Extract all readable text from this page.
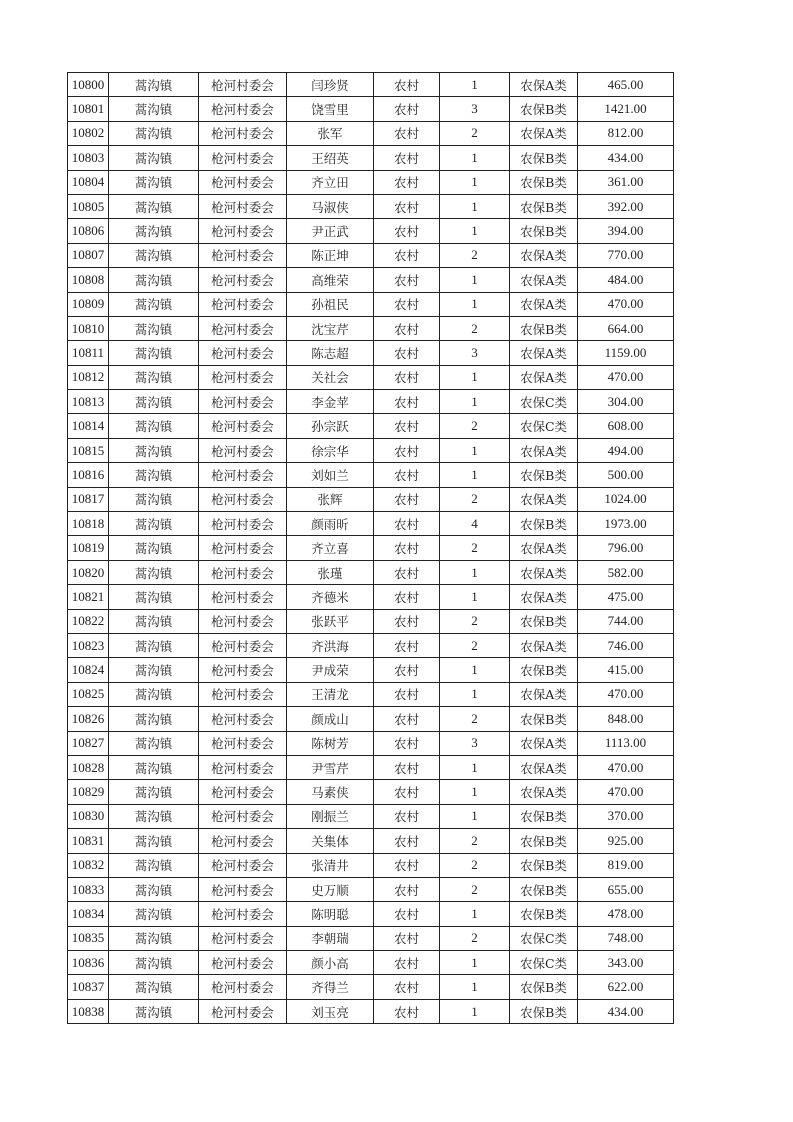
10800	蒿沟镇	枪河村委会	闫珍贤	农村	1	农保A类	465.00
10801	蒿沟镇	枪河村委会	饶雪里	农村	3	农保B类	1421.00
10802	蒿沟镇	枪河村委会	张军	农村	2	农保A类	812.00
10803	蒿沟镇	枪河村委会	王绍英	农村	1	农保B类	434.00
10804	蒿沟镇	枪河村委会	齐立田	农村	1	农保B类	361.00
10805	蒿沟镇	枪河村委会	马淑侠	农村	1	农保B类	392.00
10806	蒿沟镇	枪河村委会	尹正武	农村	1	农保B类	394.00
10807	蒿沟镇	枪河村委会	陈正坤	农村	2	农保A类	770.00
10808	蒿沟镇	枪河村委会	高维荣	农村	1	农保A类	484.00
10809	蒿沟镇	枪河村委会	孙祖民	农村	1	农保A类	470.00
10810	蒿沟镇	枪河村委会	沈宝芹	农村	2	农保B类	664.00
10811	蒿沟镇	枪河村委会	陈志超	农村	3	农保A类	1159.00
10812	蒿沟镇	枪河村委会	关社会	农村	1	农保A类	470.00
10813	蒿沟镇	枪河村委会	李金苹	农村	1	农保C类	304.00
10814	蒿沟镇	枪河村委会	孙宗跃	农村	2	农保C类	608.00
10815	蒿沟镇	枪河村委会	徐宗华	农村	1	农保A类	494.00
10816	蒿沟镇	枪河村委会	刘如兰	农村	1	农保B类	500.00
10817	蒿沟镇	枪河村委会	张辉	农村	2	农保A类	1024.00
10818	蒿沟镇	枪河村委会	颜雨昕	农村	4	农保B类	1973.00
10819	蒿沟镇	枪河村委会	齐立喜	农村	2	农保A类	796.00
10820	蒿沟镇	枪河村委会	张瑾	农村	1	农保A类	582.00
10821	蒿沟镇	枪河村委会	齐德米	农村	1	农保A类	475.00
10822	蒿沟镇	枪河村委会	张跃平	农村	2	农保B类	744.00
10823	蒿沟镇	枪河村委会	齐洪海	农村	2	农保A类	746.00
10824	蒿沟镇	枪河村委会	尹成荣	农村	1	农保B类	415.00
10825	蒿沟镇	枪河村委会	王清龙	农村	1	农保A类	470.00
10826	蒿沟镇	枪河村委会	颜成山	农村	2	农保B类	848.00
10827	蒿沟镇	枪河村委会	陈树芳	农村	3	农保A类	1113.00
10828	蒿沟镇	枪河村委会	尹雪芹	农村	1	农保A类	470.00
10829	蒿沟镇	枪河村委会	马素侠	农村	1	农保A类	470.00
10830	蒿沟镇	枪河村委会	刚振兰	农村	1	农保B类	370.00
10831	蒿沟镇	枪河村委会	关集体	农村	2	农保B类	925.00
10832	蒿沟镇	枪河村委会	张清井	农村	2	农保B类	819.00
10833	蒿沟镇	枪河村委会	史万顺	农村	2	农保B类	655.00
10834	蒿沟镇	枪河村委会	陈明聪	农村	1	农保B类	478.00
10835	蒿沟镇	枪河村委会	李朝瑞	农村	2	农保C类	748.00
10836	蒿沟镇	枪河村委会	颜小高	农村	1	农保C类	343.00
10837	蒿沟镇	枪河村委会	齐得兰	农村	1	农保B类	622.00
10838	蒿沟镇	枪河村委会	刘玉亮	农村	1	农保B类	434.00
